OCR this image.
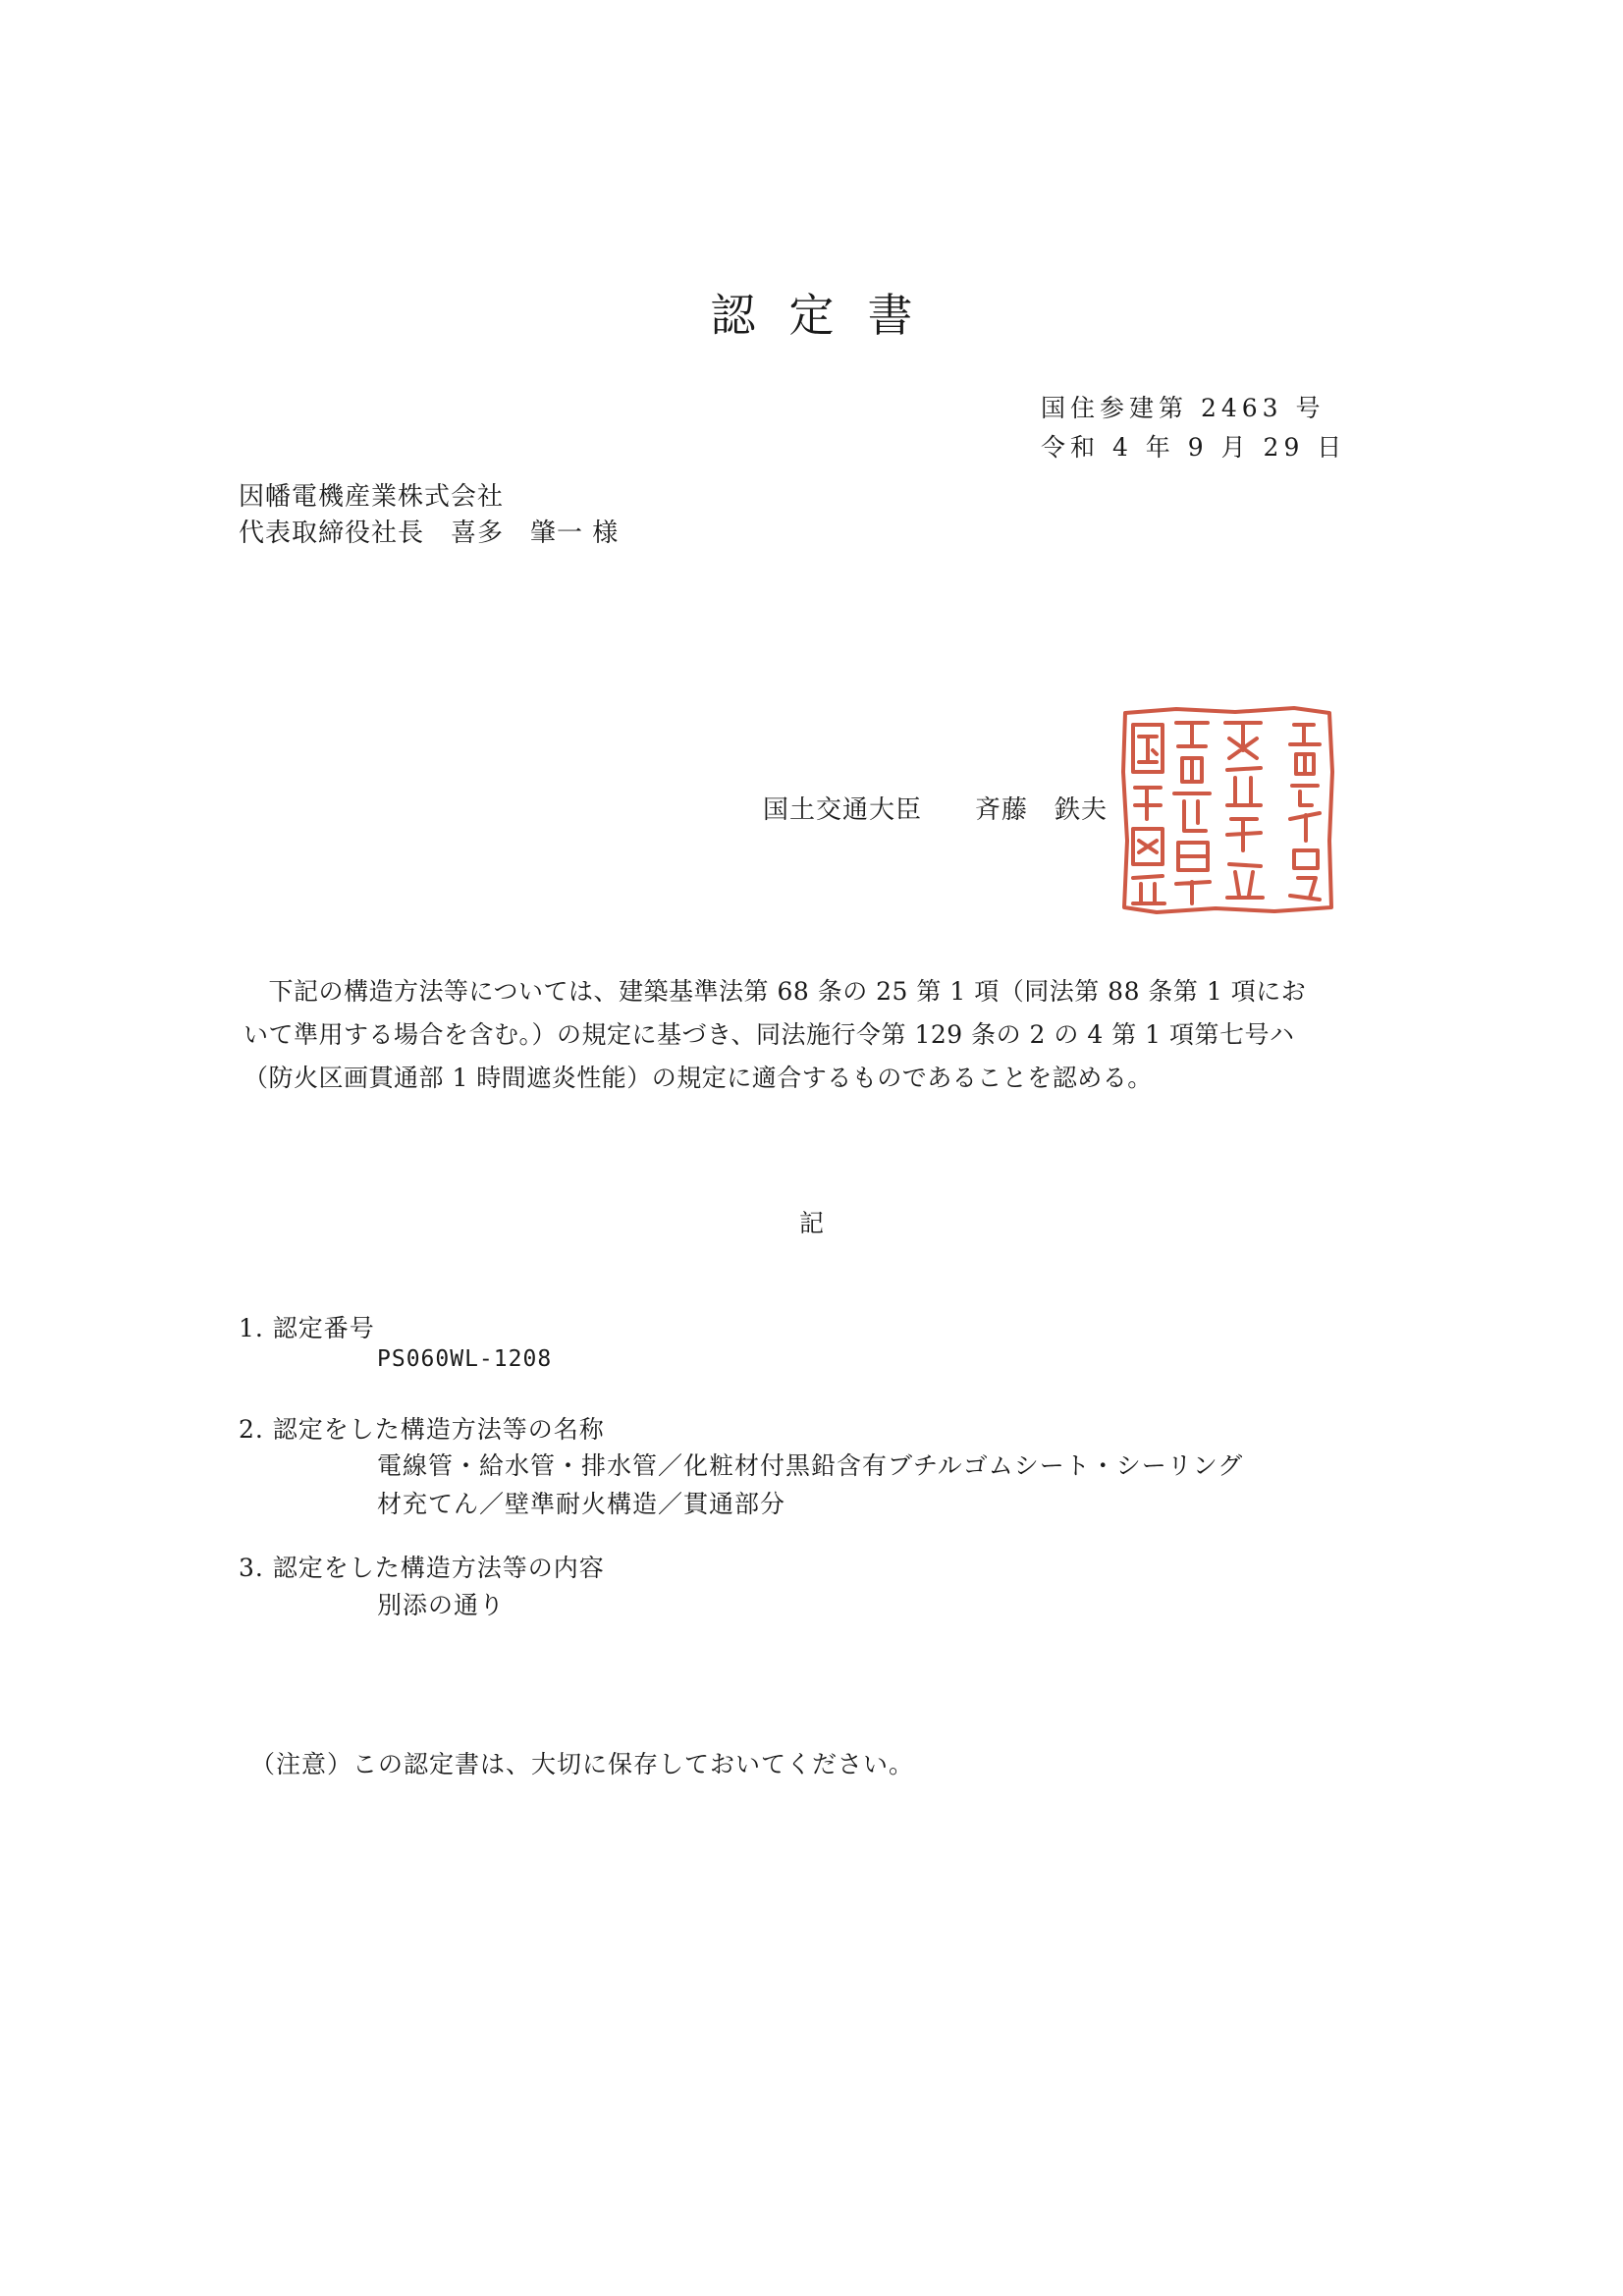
認定書
国住参建第 2463 号
令和 4 年 9 月 29 日
因幡電機産業株式会社
代表取締役社長　喜多　肇一 様
国土交通大臣　　斉藤　鉄夫
　下記の構造方法等については、建築基準法第 68 条の 25 第 1 項（同法第 88 条第 1 項にお
いて準用する場合を含む。）の規定に基づき、同法施行令第 129 条の 2 の 4 第 1 項第七号ハ
（防火区画貫通部 1 時間遮炎性能）の規定に適合するものであることを認める。
記
1. 認定番号
PS060WL-1208
2. 認定をした構造方法等の名称
電線管・給水管・排水管／化粧材付黒鉛含有ブチルゴムシート・シーリング
材充てん／壁準耐火構造／貫通部分
3. 認定をした構造方法等の内容
別添の通り
（注意）この認定書は、大切に保存しておいてください。
